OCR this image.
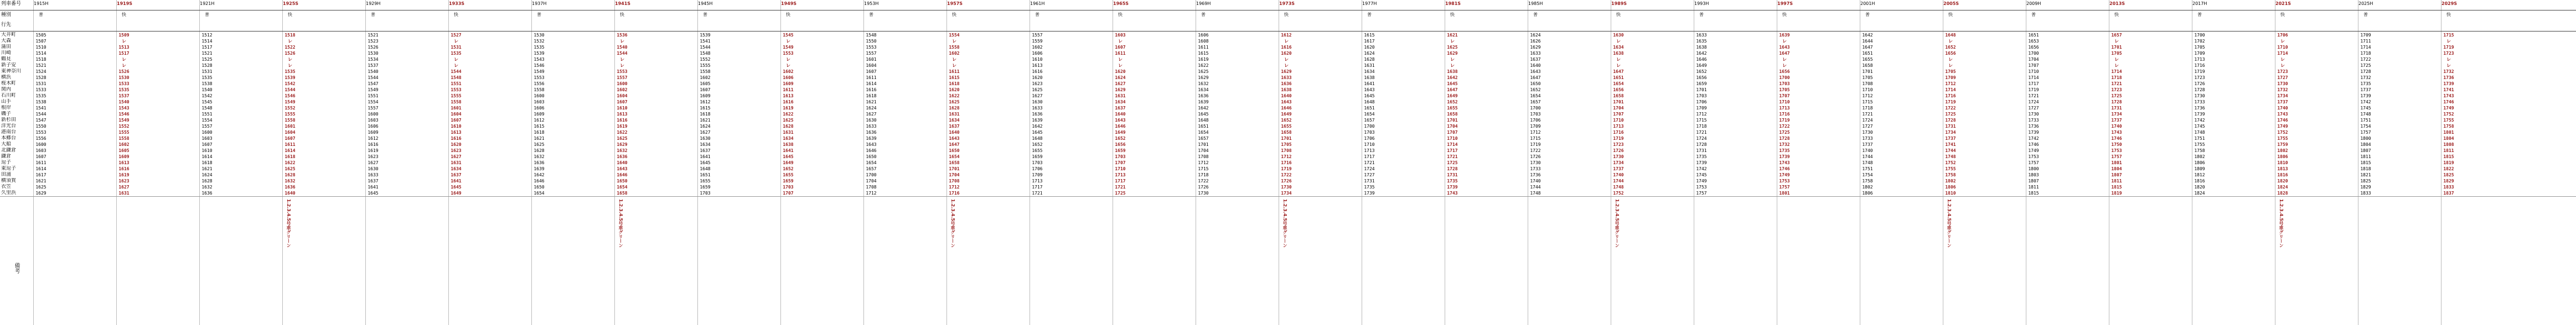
列車番号
種別
行先
大井町
大森
蒲田
川崎
鶴見
新子安
東神奈川
横浜
桜木町
関内
石川町
山手
根岸
磯子
新杉田
洋光台
港南台
本郷台
大船
北鎌倉
鎌倉
逗子
東逗子
田浦
横須賀
衣笠
久里浜
備考
1915H
普
1505
1507
1510
1514
1518
1521
1524
1528
1531
1533
1535
1538
1541
1544
1547
1550
1553
1556
1600
1603
1607
1611
1614
1617
1621
1625
1629
1919S
快
1509
レ
1513
1517
レ
レ
1526
1530
1533
1535
1537
1540
1543
1546
1549
1552
1555
1558
1602
1605
1609
1613
1616
1619
1623
1627
1631
1921H
普
1512
1514
1517
1521
1525
1528
1531
1535
1538
1540
1542
1545
1548
1551
1554
1557
1600
1603
1607
1610
1614
1618
1621
1624
1628
1632
1636
1925S
快
1518
レ
1522
1526
レ
レ
1535
1539
1542
1544
1546
1549
1552
1555
1558
1601
1604
1607
1611
1614
1618
1622
1625
1628
1632
1636
1640
1.2.3.4.5号車グリーン
1929H
普
1521
1523
1526
1530
1534
1537
1540
1544
1547
1549
1551
1554
1557
1600
1603
1606
1609
1612
1616
1619
1623
1627
1630
1633
1637
1641
1645
1933S
快
1527
レ
1531
1535
レ
レ
1544
1548
1551
1553
1555
1558
1601
1604
1607
1610
1613
1616
1620
1623
1627
1631
1634
1637
1641
1645
1649
1937H
普
1530
1532
1535
1539
1543
1546
1549
1553
1556
1558
1600
1603
1606
1609
1612
1615
1618
1621
1625
1628
1632
1636
1639
1642
1646
1650
1654
1941S
快
1536
レ
1540
1544
レ
レ
1553
1557
1600
1602
1604
1607
1610
1613
1616
1619
1622
1625
1629
1632
1636
1640
1643
1646
1650
1654
1658
1.2.3.4.5号車グリーン
1945H
普
1539
1541
1544
1548
1552
1555
1558
1602
1605
1607
1609
1612
1615
1618
1621
1624
1627
1630
1634
1637
1641
1645
1648
1651
1655
1659
1703
1949S
快
1545
レ
1549
1553
レ
レ
1602
1606
1609
1611
1613
1616
1619
1622
1625
1628
1631
1634
1638
1641
1645
1649
1652
1655
1659
1703
1707
1953H
普
1548
1550
1553
1557
1601
1604
1607
1611
1614
1616
1618
1621
1624
1627
1630
1633
1636
1639
1643
1646
1650
1654
1657
1700
1704
1708
1712
1957S
快
1554
レ
1558
1602
レ
レ
1611
1615
1618
1620
1622
1625
1628
1631
1634
1637
1640
1643
1647
1650
1654
1658
1701
1704
1708
1712
1716
1.2.3.4.5号車グリーン
1961H
普
1557
1559
1602
1606
1610
1613
1616
1620
1623
1625
1627
1630
1633
1636
1639
1642
1645
1648
1652
1655
1659
1703
1706
1709
1713
1717
1721
1965S
快
1603
レ
1607
1611
レ
レ
1620
1624
1627
1629
1631
1634
1637
1640
1643
1646
1649
1652
1656
1659
1703
1707
1710
1713
1717
1721
1725
1969H
普
1606
1608
1611
1615
1619
1622
1625
1629
1632
1634
1636
1639
1642
1645
1648
1651
1654
1657
1701
1704
1708
1712
1715
1718
1722
1726
1730
1973S
快
1612
レ
1616
1620
レ
レ
1629
1633
1636
1638
1640
1643
1646
1649
1652
1655
1658
1701
1705
1708
1712
1716
1719
1722
1726
1730
1734
1.2.3.4.5号車グリーン
1977H
普
1615
1617
1620
1624
1628
1631
1634
1638
1641
1643
1645
1648
1651
1654
1657
1700
1703
1706
1710
1713
1717
1721
1724
1727
1731
1735
1739
1981S
快
1621
レ
1625
1629
レ
レ
1638
1642
1645
1647
1649
1652
1655
1658
1701
1704
1707
1710
1714
1717
1721
1725
1728
1731
1735
1739
1743
1985H
普
1624
1626
1629
1633
1637
1640
1643
1647
1650
1652
1654
1657
1700
1703
1706
1709
1712
1715
1719
1722
1726
1730
1733
1736
1740
1744
1748
1989S
快
1630
レ
1634
1638
レ
レ
1647
1651
1654
1656
1658
1701
1704
1707
1710
1713
1716
1719
1723
1726
1730
1734
1737
1740
1744
1748
1752
1.2.3.4.5号車グリーン
1993H
普
1633
1635
1638
1642
1646
1649
1652
1656
1659
1701
1703
1706
1709
1712
1715
1718
1721
1724
1728
1731
1735
1739
1742
1745
1749
1753
1757
1997S
快
1639
レ
1643
1647
レ
レ
1656
1700
1703
1705
1707
1710
1713
1716
1719
1722
1725
1728
1732
1735
1739
1743
1746
1749
1753
1757
1801
2001H
普
1642
1644
1647
1651
1655
1658
1701
1705
1708
1710
1712
1715
1718
1721
1724
1727
1730
1733
1737
1740
1744
1748
1751
1754
1758
1802
1806
2005S
快
1648
レ
1652
1656
レ
レ
1705
1709
1712
1714
1716
1719
1722
1725
1728
1731
1734
1737
1741
1744
1748
1752
1755
1758
1802
1806
1810
1.2.3.4.5号車グリーン
2009H
普
1651
1653
1656
1700
1704
1707
1710
1714
1717
1719
1721
1724
1727
1730
1733
1736
1739
1742
1746
1749
1753
1757
1800
1803
1807
1811
1815
2013S
快
1657
レ
1701
1705
レ
レ
1714
1718
1721
1723
1725
1728
1731
1734
1737
1740
1743
1746
1750
1753
1757
1801
1804
1807
1811
1815
1819
2017H
普
1700
1702
1705
1709
1713
1716
1719
1723
1726
1728
1730
1733
1736
1739
1742
1745
1748
1751
1755
1758
1802
1806
1809
1812
1816
1820
1824
2021S
快
1706
レ
1710
1714
レ
レ
1723
1727
1730
1732
1734
1737
1740
1743
1746
1749
1752
1755
1759
1802
1806
1810
1813
1816
1820
1824
1828
1.2.3.4.5号車グリーン
2025H
普
1709
1711
1714
1718
1722
1725
1728
1732
1735
1737
1739
1742
1745
1748
1751
1754
1757
1800
1804
1807
1811
1815
1818
1821
1825
1829
1833
2029S
快
1715
レ
1719
1723
レ
レ
1732
1736
1739
1741
1743
1746
1749
1752
1755
1758
1801
1804
1808
1811
1815
1819
1822
1825
1829
1833
1837
